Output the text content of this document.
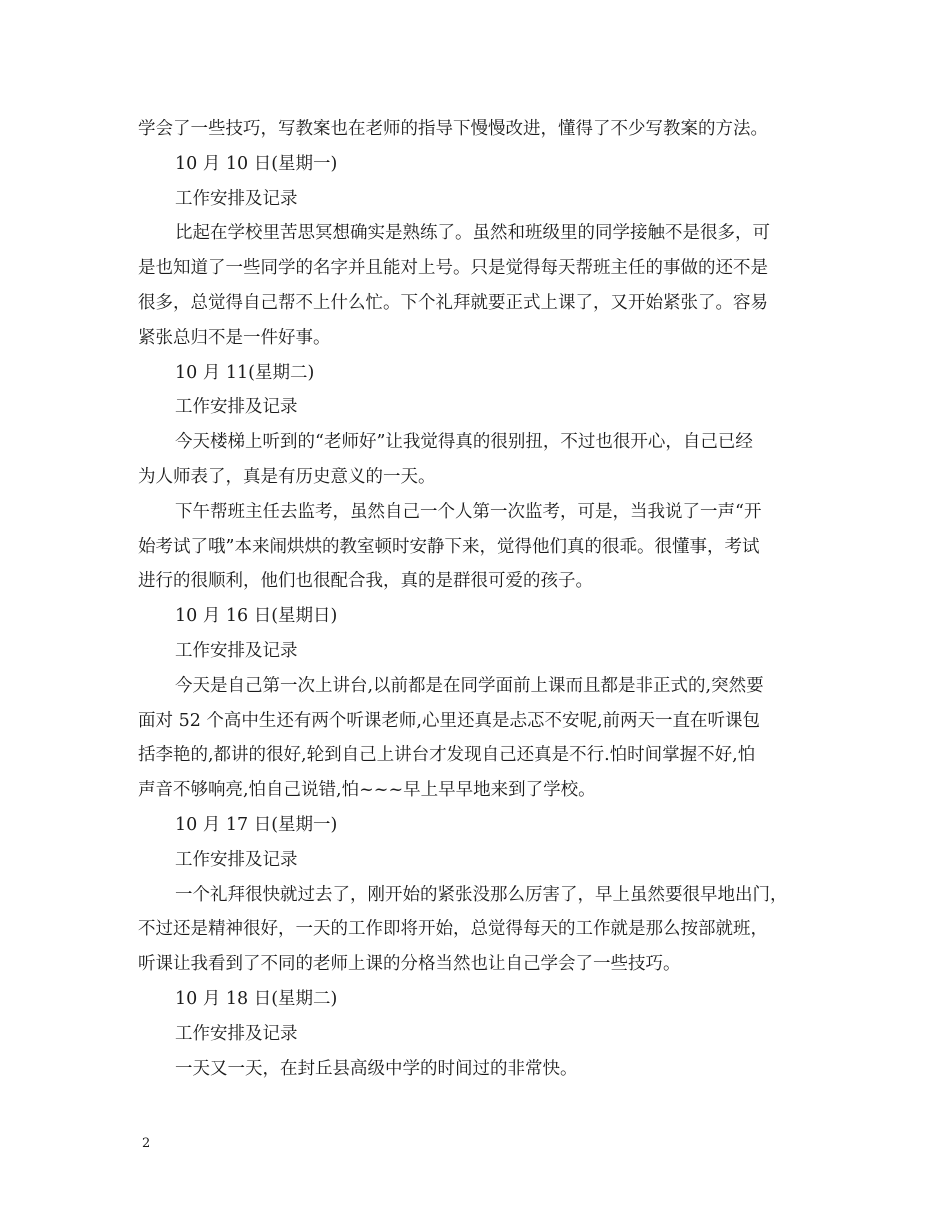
学会了一些技巧，写教案也在老师的指导下慢慢改进，懂得了不少写教案的方法。
10 月 10 日(星期一)
工作安排及记录
比起在学校里苦思冥想确实是熟练了。虽然和班级里的同学接触不是很多，可
是也知道了一些同学的名字并且能对上号。只是觉得每天帮班主任的事做的还不是
很多，总觉得自己帮不上什么忙。下个礼拜就要正式上课了，又开始紧张了。容易
紧张总归不是一件好事。
10 月 11(星期二)
工作安排及记录
今天楼梯上听到的“老师好”让我觉得真的很别扭，不过也很开心，自己已经
为人师表了，真是有历史意义的一天。
下午帮班主任去监考，虽然自己一个人第一次监考，可是，当我说了一声“开
始考试了哦”本来闹烘烘的教室顿时安静下来，觉得他们真的很乖。很懂事，考试
进行的很顺利，他们也很配合我，真的是群很可爱的孩子。
10 月 16 日(星期日)
工作安排及记录
今天是自己第一次上讲台,以前都是在同学面前上课而且都是非正式的,突然要
面对 52 个高中生还有两个听课老师,心里还真是忐忑不安呢,前两天一直在听课包
括李艳的,都讲的很好,轮到自己上讲台才发现自己还真是不行.怕时间掌握不好,怕
声音不够响亮,怕自己说错,怕~~~早上早早地来到了学校。
10 月 17 日(星期一)
工作安排及记录
一个礼拜很快就过去了，刚开始的紧张没那么厉害了，早上虽然要很早地出门，
不过还是精神很好，一天的工作即将开始，总觉得每天的工作就是那么按部就班，
听课让我看到了不同的老师上课的分格当然也让自己学会了一些技巧。
10 月 18 日(星期二)
工作安排及记录
一天又一天，在封丘县高级中学的时间过的非常快。
2
